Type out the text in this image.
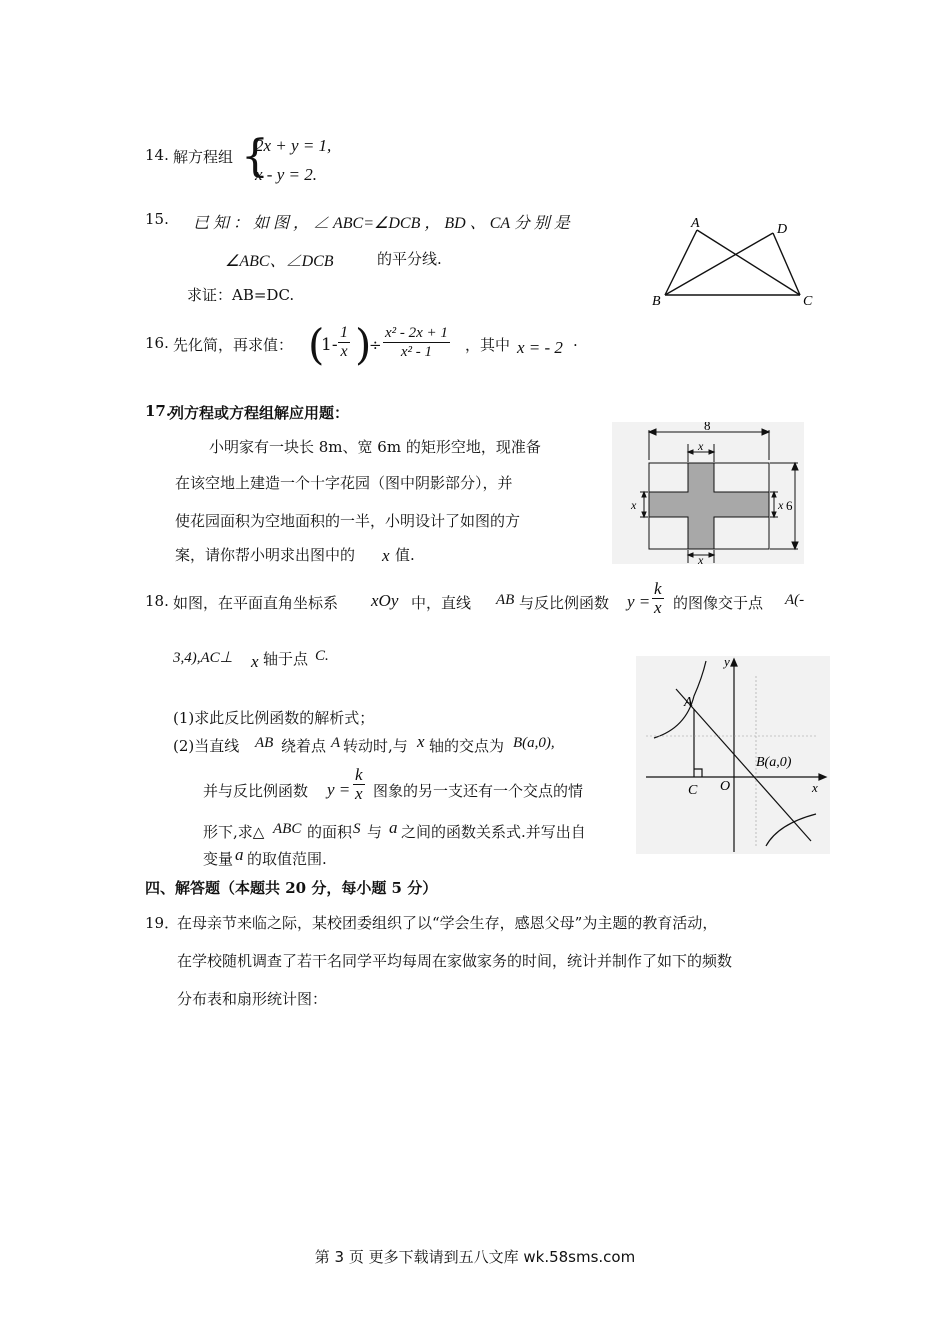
14. 解方程组 {
2x + y = 1,
x - y = 2.
15. 已 知 ： 如 图 ， ∠ ABC=∠DCB ， BD 、 CA 分 别 是
∠ABC、∠DCB	的平分线.
求证：AB=DC.
A	D
B	C
16. 先化简，再求值： (
$1- \frac{1}{x}$ )
÷ $\frac{\text{x² - 2x + 1}}{\text{x² - 1}}$ ，其中 x = - 2 .
17.
列方程或方程组解应用题：
小明家有一块长 8m、宽 6m 的矩形空地，现准备
在该空地上建造一个十字花园（图中阴影部分），并
使花园面积为空地面积的一半，小明设计了如图的方
案，请你帮小明求出图中的 x 值.
8
6
x
x
x	x
18. 如图，在平面直角坐标系 xOy 中，直线 AB 与反比例函数 $y = \frac{k}{x}$ 的图像交于点 A(-
3,4),AC⊥ x 轴于点 C.
(1)求此反比例函数的解析式；
(2)当直线 AB 绕着点 A 转动时,与 x 轴的交点为 B(a,0),
并与反比例函数 $y = \frac{k}{x}$ 图象的另一支还有一个交点的情
形下,求△ ABC 的面积 S 与 a 之间的函数关系式.并写出自
变量 a 的取值范围.
y
x
A
B(a,0)
C O
四、解答题（本题共 20 分，每小题 5 分）
19．
在母亲节来临之际，某校团委组织了以“学会生存，感恩父母”为主题的教育活动，
在学校随机调查了若干名同学平均每周在家做家务的时间，统计并制作了如下的频数
分布表和扇形统计图：
第 3 页 更多下载请到五八文库 wk.58sms.com
